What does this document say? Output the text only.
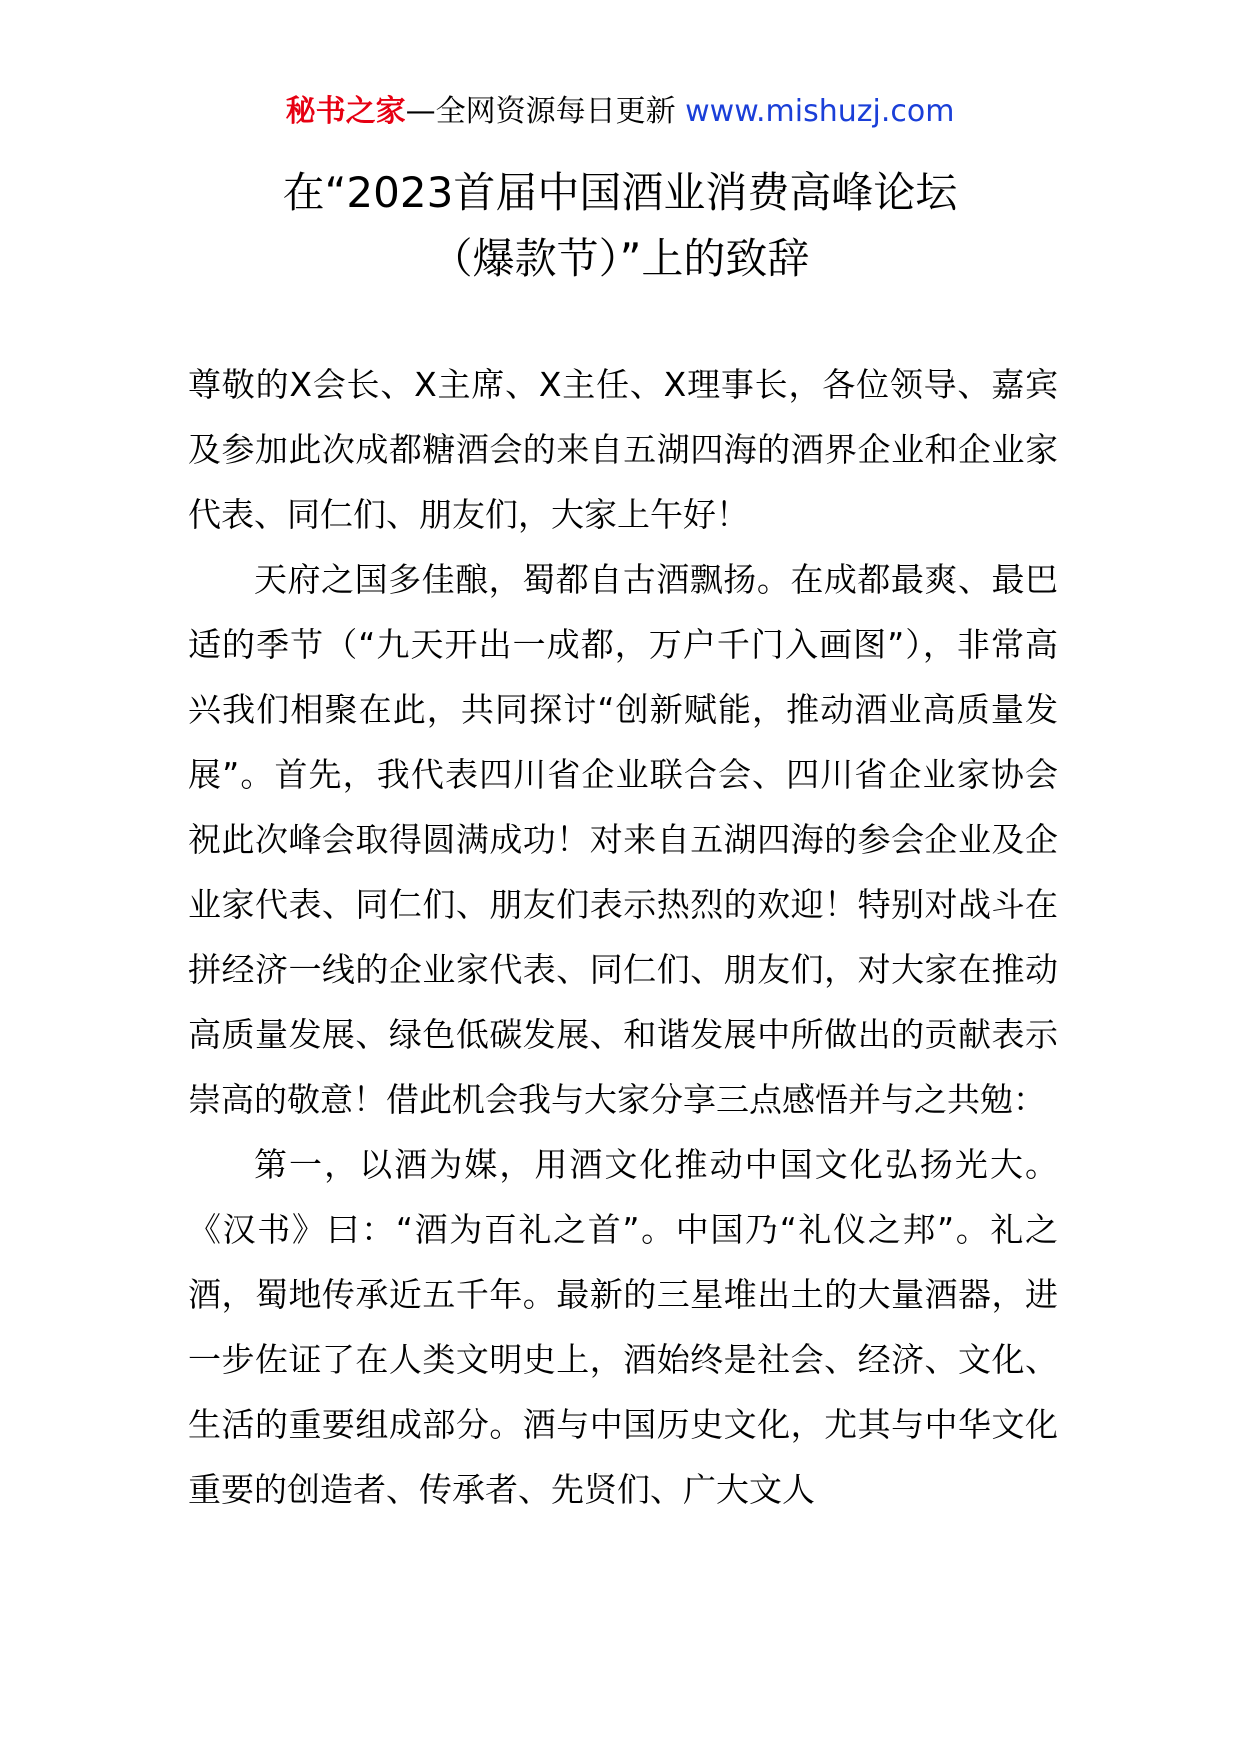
秘书之家—全网资源每日更新 www.mishuzj.com
在“2023首届中国酒业消费高峰论坛
（爆款节）”上的致辞

尊敬的X会长、X主席、X主任、X理事长，各位领导、嘉宾及参加此次成都糖酒会的来自五湖四海的酒界企业和企业家代表、同仁们、朋友们，大家上午好！

天府之国多佳酿，蜀都自古酒飘扬。在成都最爽、最巴适的季节（“九天开出一成都，万户千门入画图”），非常高兴我们相聚在此，共同探讨“创新赋能，推动酒业高质量发展”。首先，我代表四川省企业联合会、四川省企业家协会祝此次峰会取得圆满成功！对来自五湖四海的参会企业及企业家代表、同仁们、朋友们表示热烈的欢迎！特别对战斗在拼经济一线的企业家代表、同仁们、朋友们，对大家在推动高质量发展、绿色低碳发展、和谐发展中所做出的贡献表示崇高的敬意！借此机会我与大家分享三点感悟并与之共勉：

第一，以酒为媒，用酒文化推动中国文化弘扬光大。《汉书》曰：“酒为百礼之首”。中国乃“礼仪之邦”。礼之酒，蜀地传承近五千年。最新的三星堆出土的大量酒器，进一步佐证了在人类文明史上，酒始终是社会、经济、文化、生活的重要组成部分。酒与中国历史文化，尤其与中华文化重要的创造者、传承者、先贤们、广大文人
